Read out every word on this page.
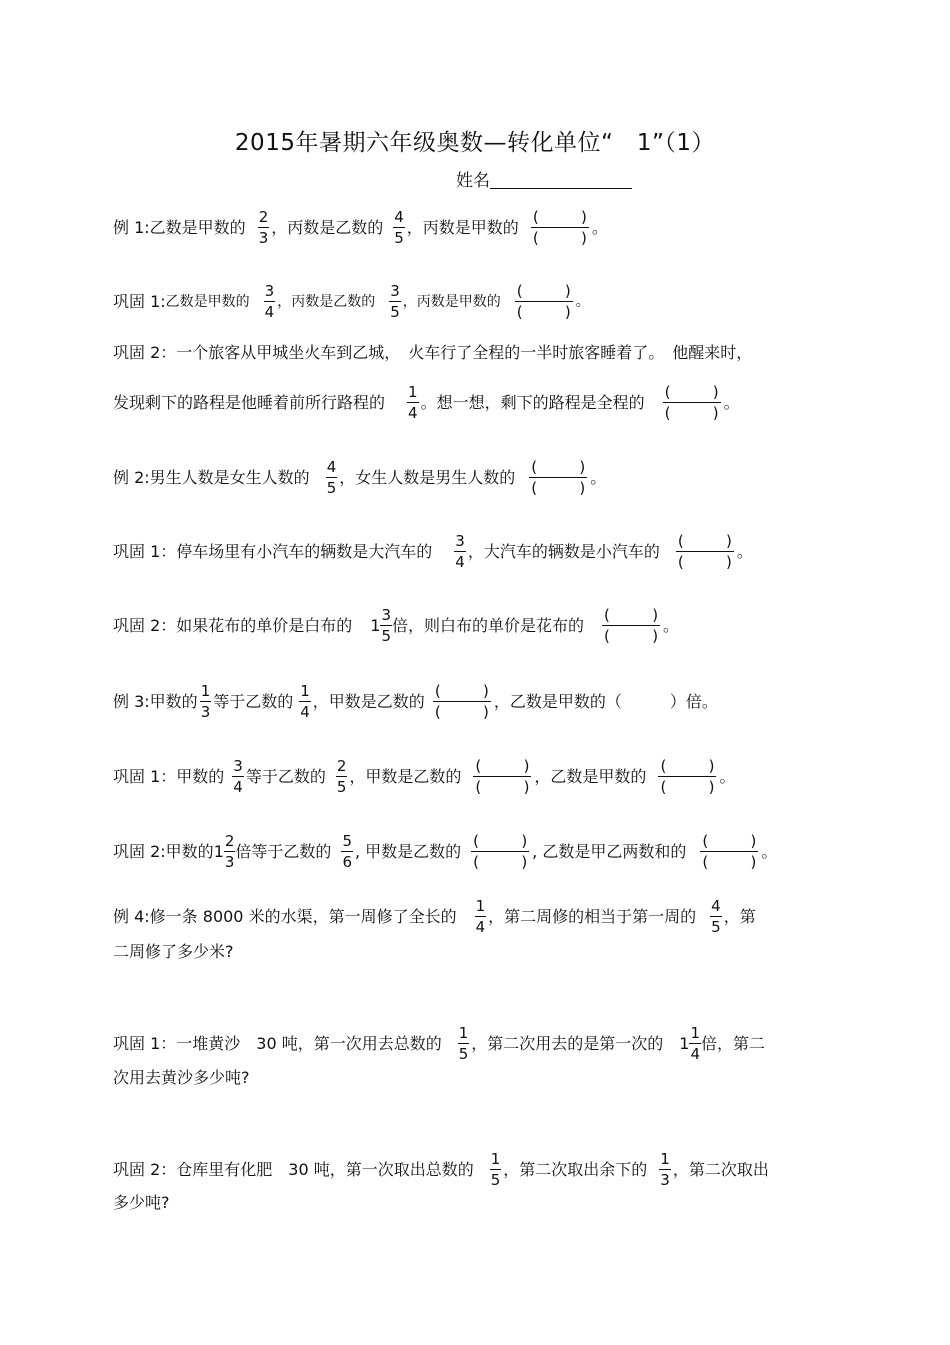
2015年暑期六年级奥数—转化单位“　1”（1）
姓名
例 1: 乙数是甲数的 $\frac{2}{3}$ ，丙数是乙数的 $\frac{4}{5}$ ，丙数是甲数的
(	)
(	)
。
巩固 1: 乙数是甲数的 $\frac{3}{4}$ ，丙数是乙数的 $\frac{3}{5}$ ，丙数是甲数的
(	)
(	)
。
巩固 2：一个旅客从甲城坐火车到乙城，　火车行了全程的一半时旅客睡着了。　他醒来时，
发现剩下的路程是他睡着前所行路程的 $\frac{1}{4}$ 。想一想，剩下的路程是全程的
(	)
(	)
。
例 2: 男生人数是女生人数的 $\frac{4}{5}$ ，女生人数是男生人数的
(	)
(	)
。
巩固 1： 停车场里有小汽车的辆数是大汽车的 $\frac{3}{4}$ ，大汽车的辆数是小汽车的
(	)
(	)
。
巩固 2： 如果花布的单价是白布的 $1 \frac{3}{5}$ 倍，则白布的单价是花布的
(	)
(	)
。
例 3: 甲数的 $\frac{1}{3}$ 等于乙数的 $\frac{1}{4}$ ，甲数是乙数的
(	)
(	)
，乙数是甲数的（　　　）倍。
巩固 1： 甲数的 $\frac{3}{4}$ 等于乙数的 $\frac{2}{5}$ ，甲数是乙数的
(	)
(	)
，乙数是甲数的
(	)
(	)
。
巩固 2: 甲数的 $1 \frac{2}{3}$ 倍等于乙数的 $\frac{5}{6}$ , 甲数是乙数的
(	)
(	)
, 乙数是甲乙两数和的
(	)
(	)
。
例 4: 修一条 8000 米的水渠，第一周修了全长的 $\frac{1}{4}$ ，第二周修的相当于第一周的 $\frac{4}{5}$ ，第
二周修了多少米?
巩固 1： 一堆黄沙　30 吨，第一次用去总数的 $\frac{1}{5}$ ，第二次用去的是第一次的 $1 \frac{1}{4}$ 倍，第二
次用去黄沙多少吨?
巩固 2： 仓库里有化肥　30 吨，第一次取出总数的 $\frac{1}{5}$ ，第二次取出余下的 $\frac{1}{3}$ ，第二次取出
多少吨?
